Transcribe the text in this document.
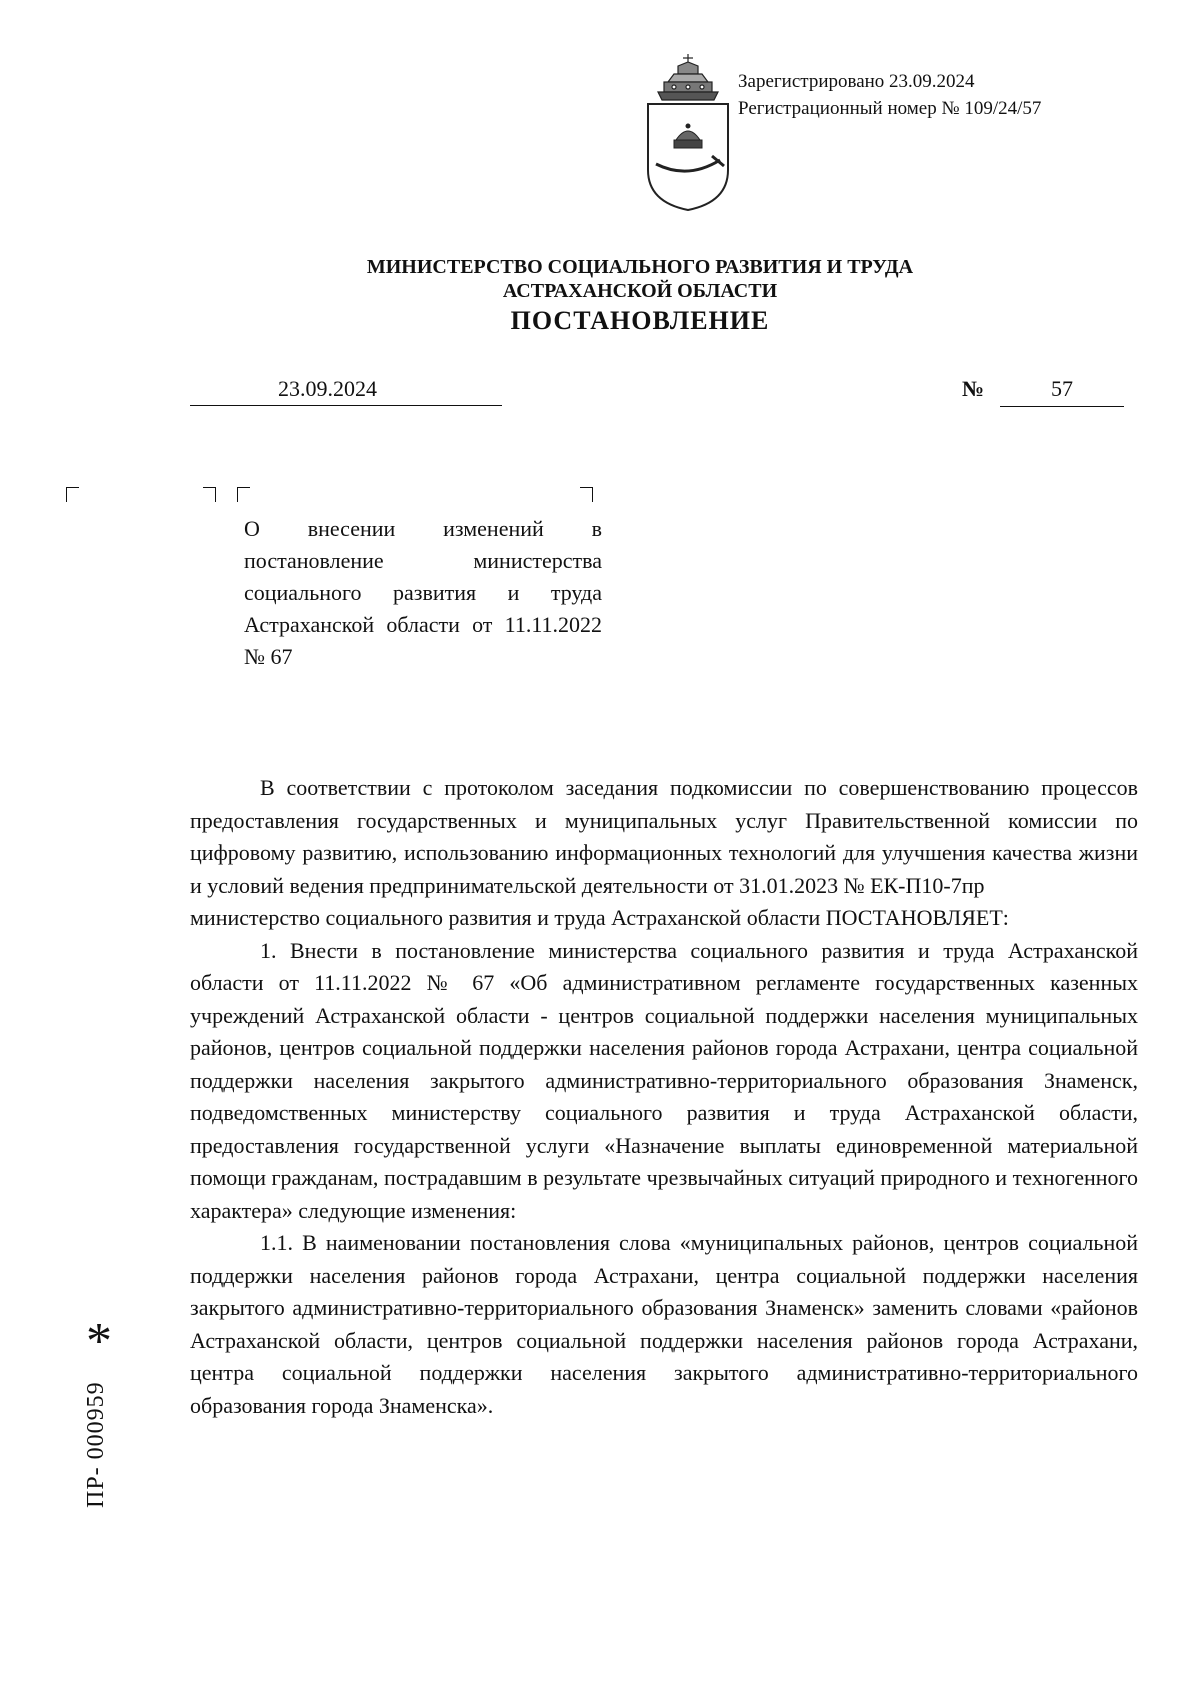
Зарегистрировано 23.09.2024
Регистрационный номер № 109/24/57
МИНИСТЕРСТВО СОЦИАЛЬНОГО РАЗВИТИЯ И ТРУДА
АСТРАХАНСКОЙ ОБЛАСТИ
ПОСТАНОВЛЕНИЕ
23.09.2024	№	57
О внесении изменений в постановление министерства социального развития и труда Астраханской области от 11.11.2022 № 67

В соответствии с протоколом заседания подкомиссии по совершенствованию процессов предоставления государственных и муниципальных услуг Правительственной комиссии по цифровому развитию, использованию информационных технологий для улучшения качества жизни и условий ведения предпринимательской деятельности от 31.01.2023 № ЕК-П10-7пр

министерство социального развития и труда Астраханской области ПОСТАНОВЛЯЕТ:

1. Внести в постановление министерства социального развития и труда Астраханской области от 11.11.2022 № 67 «Об административном регламенте государственных казенных учреждений Астраханской области - центров социальной поддержки населения муниципальных районов, центров социальной поддержки населения районов города Астрахани, центра социальной поддержки населения закрытого административно-территориального образования Знаменск, подведомственных министерству социального развития и труда Астраханской области, предоставления государственной услуги «Назначение выплаты единовременной материальной помощи гражданам, пострадавшим в результате чрезвычайных ситуаций природного и техногенного характера» следующие изменения:

1.1. В наименовании постановления слова «муниципальных районов, центров социальной поддержки населения районов города Астрахани, центра социальной поддержки населения закрытого административно-территориального образования Знаменск» заменить словами «районов Астраханской области, центров социальной поддержки населения районов города Астрахани, центра социальной поддержки населения закрытого административно-территориального образования города Знаменска».

*
ПР- 000959
